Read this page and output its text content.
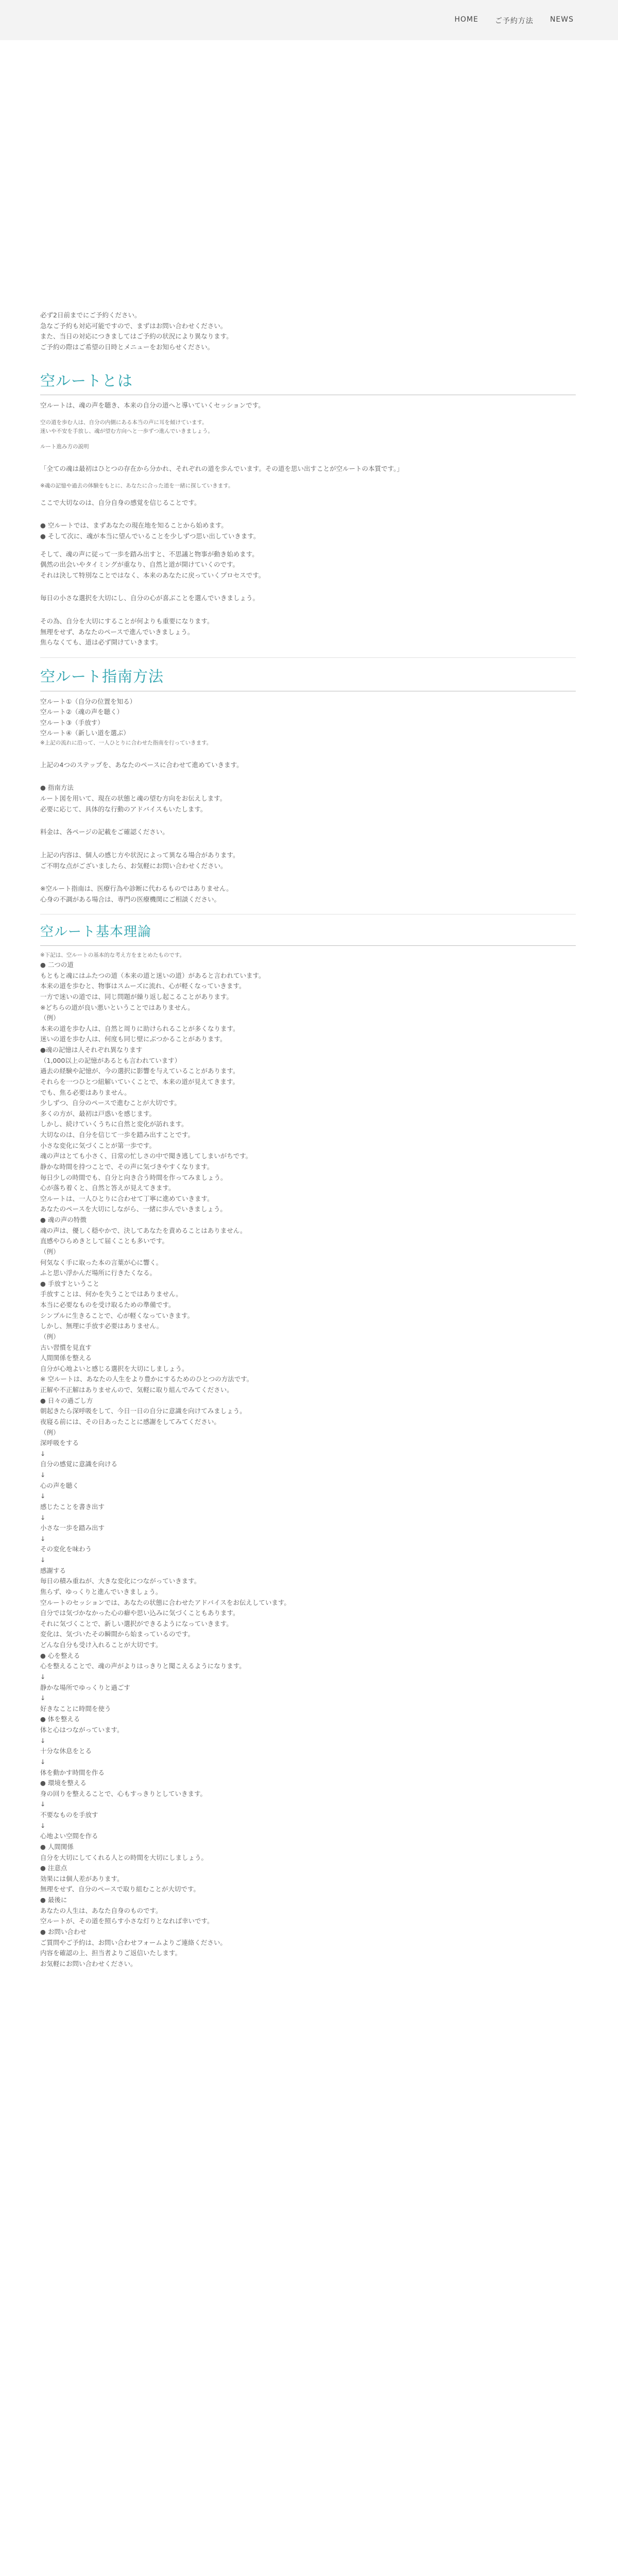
HOME ご予約方法 NEWS

必ず2日前までにご予約ください。

急なご予約も対応可能ですので、まずはお問い合わせください。

また、当日の対応につきましてはご予約の状況により異なります。

ご予約の際はご希望の日時とメニューをお知らせください。

空ルートとは

空ルートは、魂の声を聴き、本来の自分の道へと導いていくセッションです。

空の道を歩む人は、自分の内側にある本当の声に耳を傾けています。

迷いや不安を手放し、魂が望む方向へと一歩ずつ進んでいきましょう。

ルート進み方の説明

「全ての魂は最初はひとつの存在から分かれ、それぞれの道を歩んでいます。その道を思い出すことが空ルートの本質です。」

※魂の記憶や過去の体験をもとに、あなたに合った道を一緒に探していきます。

ここで大切なのは、自分自身の感覚を信じることです。

● 空ルートでは、まずあなたの現在地を知ることから始めます。

● そして次に、魂が本当に望んでいることを少しずつ思い出していきます。

そして、魂の声に従って一歩を踏み出すと、不思議と物事が動き始めます。

偶然の出会いやタイミングが重なり、自然と道が開けていくのです。

それは決して特別なことではなく、本来のあなたに戻っていくプロセスです。

毎日の小さな選択を大切にし、自分の心が喜ぶことを選んでいきましょう。

その為、自分を大切にすることが何よりも重要になります。

無理をせず、あなたのペースで進んでいきましょう。

焦らなくても、道は必ず開けていきます。

空ルート指南方法

空ルート①（自分の位置を知る）

空ルート②（魂の声を聴く）

空ルート③（手放す）

空ルート④（新しい道を選ぶ）

※上記の流れに沿って、一人ひとりに合わせた指南を行っていきます。

上記の4つのステップを、あなたのペースに合わせて進めていきます。

● 指南方法

ルート図を用いて、現在の状態と魂の望む方向をお伝えします。

必要に応じて、具体的な行動のアドバイスもいたします。

料金は、各ページの記載をご確認ください。

上記の内容は、個人の感じ方や状況によって異なる場合があります。

ご不明な点がございましたら、お気軽にお問い合わせください。

※空ルート指南は、医療行為や診断に代わるものではありません。

心身の不調がある場合は、専門の医療機関にご相談ください。

空ルート基本理論

※下記は、空ルートの基本的な考え方をまとめたものです。

● 二つの道
もともと魂にはふたつの道（本来の道と迷いの道）があると言われています。
本来の道を歩むと、物事はスムーズに流れ、心が軽くなっていきます。
一方で迷いの道では、同じ問題が繰り返し起こることがあります。
※どちらの道が良い悪いということではありません。

（例）
本来の道を歩む人は、自然と周りに助けられることが多くなります。
迷いの道を歩む人は、何度も同じ壁にぶつかることがあります。

●魂の記憶は人それぞれ異なります
（1,000以上の記憶があるとも言われています）

過去の経験や記憶が、今の選択に影響を与えていることがあります。
それらを一つひとつ紐解いていくことで、本来の道が見えてきます。

でも、焦る必要はありません。
少しずつ、自分のペースで進むことが大切です。

多くの方が、最初は戸惑いを感じます。
しかし、続けていくうちに自然と変化が訪れます。
大切なのは、自分を信じて一歩を踏み出すことです。

小さな変化に気づくことが第一歩です。

魂の声はとても小さく、日常の忙しさの中で聞き逃してしまいがちです。
静かな時間を持つことで、その声に気づきやすくなります。
毎日少しの時間でも、自分と向き合う時間を作ってみましょう。
心が落ち着くと、自然と答えが見えてきます。

空ルートは、一人ひとりに合わせて丁寧に進めていきます。
あなたのペースを大切にしながら、一緒に歩んでいきましょう。

● 魂の声の特徴
魂の声は、優しく穏やかで、決してあなたを責めることはありません。
直感やひらめきとして届くことも多いです。

（例）
何気なく手に取った本の言葉が心に響く。
ふと思い浮かんだ場所に行きたくなる。

● 手放すということ
手放すことは、何かを失うことではありません。
本当に必要なものを受け取るための準備です。

シンプルに生きることで、心が軽くなっていきます。

しかし、無理に手放す必要はありません。

（例）
古い習慣を見直す
人間関係を整える

自分が心地よいと感じる選択を大切にしましょう。

※ 空ルートは、あなたの人生をより豊かにするためのひとつの方法です。
正解や不正解はありませんので、気軽に取り組んでみてください。

● 日々の過ごし方

朝起きたら深呼吸をして、今日一日の自分に意識を向けてみましょう。
夜寝る前には、その日あったことに感謝をしてみてください。

（例）
深呼吸をする
↓
自分の感覚に意識を向ける
↓
心の声を聴く
↓
感じたことを書き出す
↓
小さな一歩を踏み出す
↓
その変化を味わう
↓
感謝する

毎日の積み重ねが、大きな変化につながっていきます。
焦らず、ゆっくりと進んでいきましょう。

空ルートのセッションでは、あなたの状態に合わせたアドバイスをお伝えしています。

自分では気づかなかった心の癖や思い込みに気づくこともあります。
それに気づくことで、新しい選択ができるようになっていきます。
変化は、気づいたその瞬間から始まっているのです。

どんな自分も受け入れることが大切です。

● 心を整える
心を整えることで、魂の声がよりはっきりと聞こえるようになります。
↓
静かな場所でゆっくりと過ごす
↓
好きなことに時間を使う

● 体を整える
体と心はつながっています。
↓
十分な休息をとる
↓
体を動かす時間を作る

● 環境を整える
身の回りを整えることで、心もすっきりとしていきます。
↓
不要なものを手放す
↓
心地よい空間を作る

● 人間関係
自分を大切にしてくれる人との時間を大切にしましょう。

● 注意点
効果には個人差があります。
無理をせず、自分のペースで取り組むことが大切です。

● 最後に
あなたの人生は、あなた自身のものです。
空ルートが、その道を照らす小さな灯りとなれば幸いです。

● お問い合わせ
ご質問やご予約は、お問い合わせフォームよりご連絡ください。
内容を確認の上、担当者よりご返信いたします。
お気軽にお問い合わせください。
